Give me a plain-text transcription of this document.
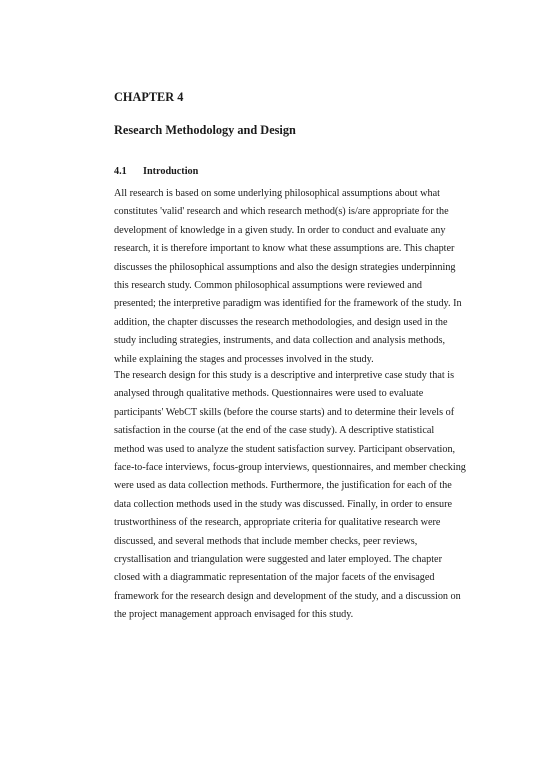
CHAPTER 4

Research Methodology and Design

4.1 Introduction

All research is based on some underlying philosophical assumptions about what
constitutes 'valid' research and which research method(s) is/are appropriate for the
development of knowledge in a given study. In order to conduct and evaluate any
research, it is therefore important to know what these assumptions are. This chapter
discusses the philosophical assumptions and also the design strategies underpinning
this research study. Common philosophical assumptions were reviewed and
presented; the interpretive paradigm was identified for the framework of the study. In
addition, the chapter discusses the research methodologies, and design used in the
study including strategies, instruments, and data collection and analysis methods,
while explaining the stages and processes involved in the study.

The research design for this study is a descriptive and interpretive case study that is
analysed through qualitative methods. Questionnaires were used to evaluate
participants' WebCT skills (before the course starts) and to determine their levels of
satisfaction in the course (at the end of the case study). A descriptive statistical
method was used to analyze the student satisfaction survey. Participant observation,
face-to-face interviews, focus-group interviews, questionnaires, and member checking
were used as data collection methods. Furthermore, the justification for each of the
data collection methods used in the study was discussed. Finally, in order to ensure
trustworthiness of the research, appropriate criteria for qualitative research were
discussed, and several methods that include member checks, peer reviews,
crystallisation and triangulation were suggested and later employed. The chapter
closed with a diagrammatic representation of the major facets of the envisaged
framework for the research design and development of the study, and a discussion on
the project management approach envisaged for this study.
